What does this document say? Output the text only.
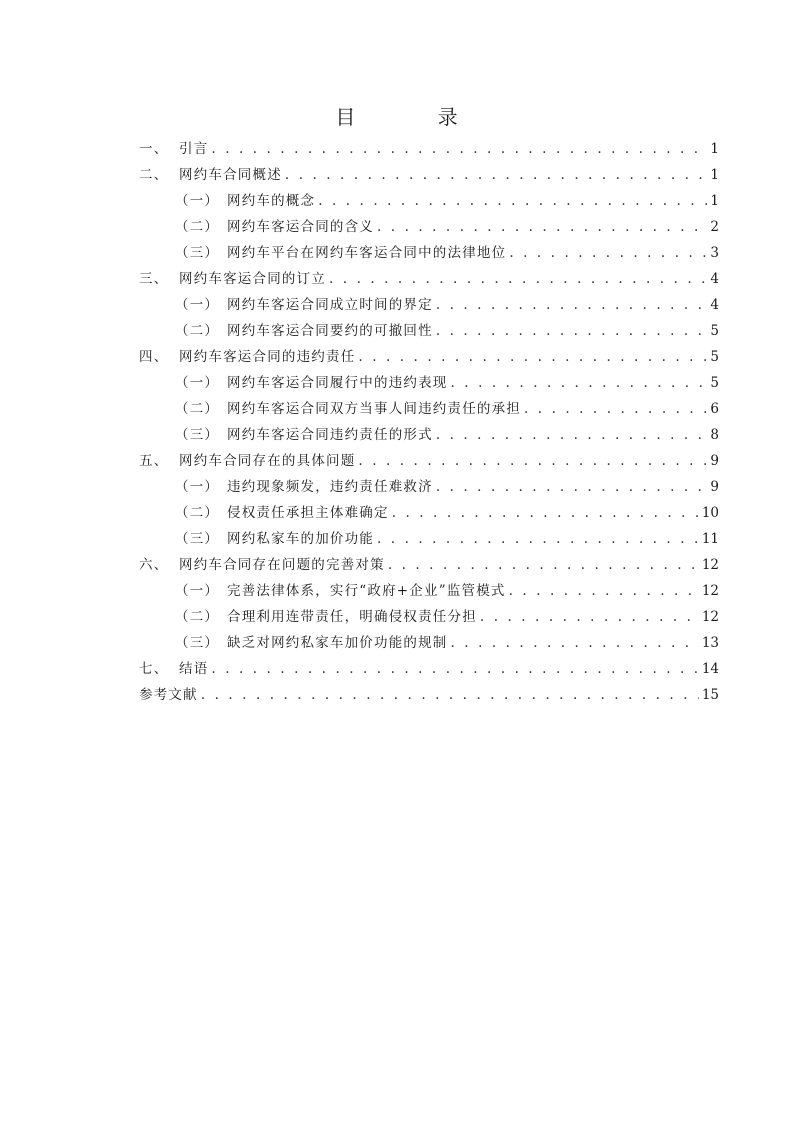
目 录
一、 引言 . . .	1
二、 网约车合同概述 . . .	1
（一） 网约车的概念 . . .	1
（二） 网约车客运合同的含义 . . .	2
（三） 网约车平台在网约车客运合同中的法律地位 . . .	3
三、 网约车客运合同的订立 . . .	4
（一） 网约车客运合同成立时间的界定 . . .	4
（二） 网约车客运合同要约的可撤回性 . . .	5
四、 网约车客运合同的违约责任 . . .	5
（一） 网约车客运合同履行中的违约表现 . . .	5
（二） 网约车客运合同双方当事人间违约责任的承担 . . .	6
（三） 网约车客运合同违约责任的形式 . . .	8
五、 网约车合同存在的具体问题 . . .	9
（一） 违约现象频发，违约责任难救济 . . .	9
（二） 侵权责任承担主体难确定 . . .	10
（三） 网约私家车的加价功能 . . .	11
六、 网约车合同存在问题的完善对策 . . .	12
（一） 完善法律体系，实行“政府+企业”监管模式 . . .	12
（二） 合理利用连带责任，明确侵权责任分担 . . .	12
（三） 缺乏对网约私家车加价功能的规制 . . .	13
七、 结语 . . .	14
参考文献 . . .	15
